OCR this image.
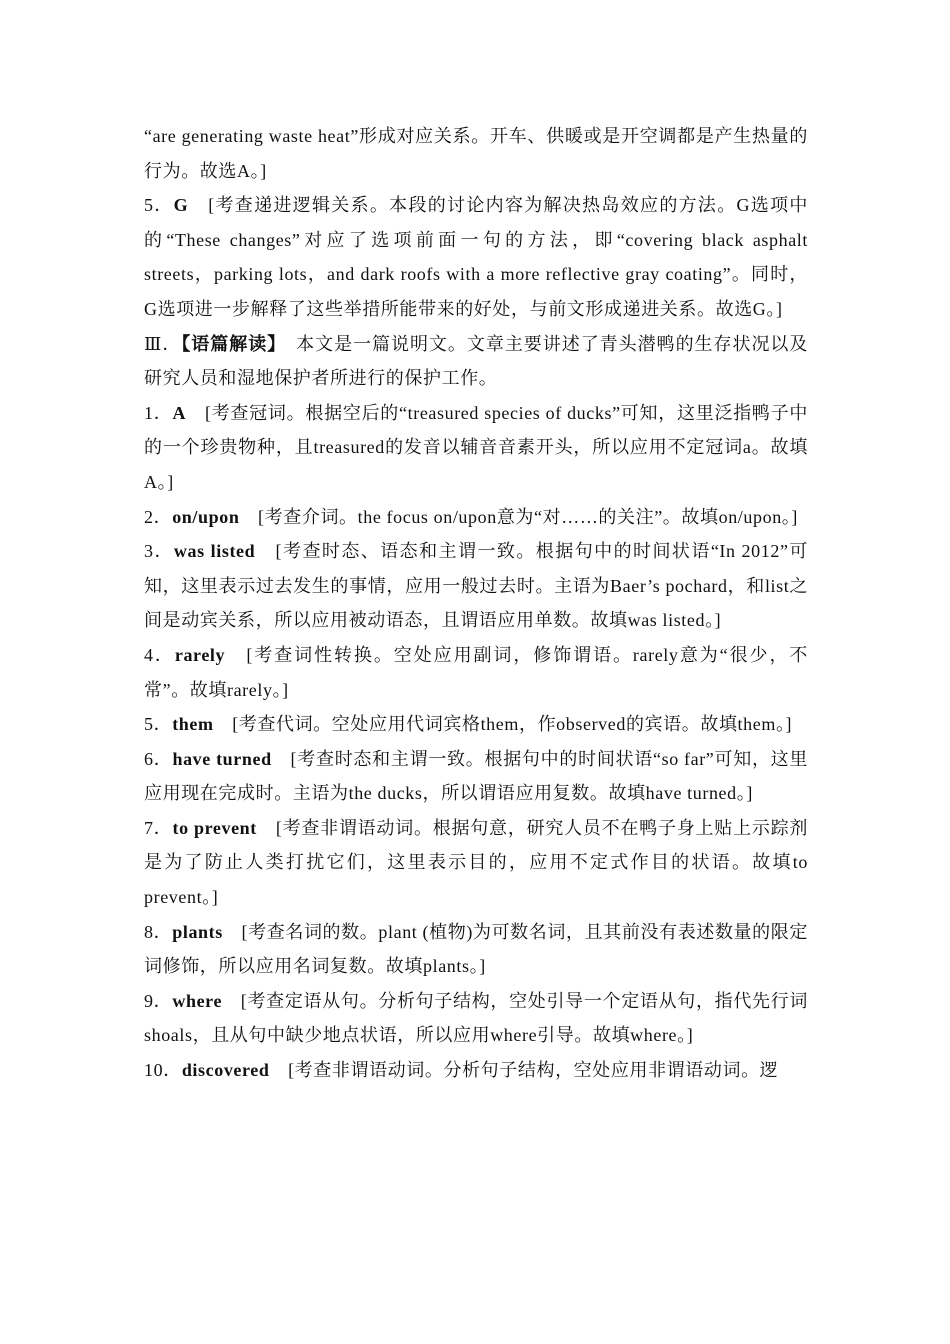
“are generating waste heat”形成对应关系。开车、供暖或是开空调都是产生热量的行为。故选A。]

5．G　[考查递进逻辑关系。本段的讨论内容为解决热岛效应的方法。G选项中的“These changes”对应了选项前面一句的方法，即“covering black asphalt streets，parking lots，and dark roofs with a more reflective gray coating”。同时，G选项进一步解释了这些举措所能带来的好处，与前文形成递进关系。故选G。]

Ⅲ．【语篇解读】　本文是一篇说明文。文章主要讲述了青头潜鸭的生存状况以及研究人员和湿地保护者所进行的保护工作。

1．A　[考查冠词。根据空后的“treasured species of ducks”可知，这里泛指鸭子中的一个珍贵物种，且treasured的发音以辅音音素开头，所以应用不定冠词a。故填A。]

2．on/upon　[考查介词。the focus on/upon意为“对……的关注”。故填on/upon。]

3．was listed　[考查时态、语态和主谓一致。根据句中的时间状语“In 2012”可知，这里表示过去发生的事情，应用一般过去时。主语为Baer’s pochard，和list之间是动宾关系，所以应用被动语态，且谓语应用单数。故填was listed。]

4．rarely　[考查词性转换。空处应用副词，修饰谓语。rarely意为“很少，不常”。故填rarely。]

5．them　[考查代词。空处应用代词宾格them，作observed的宾语。故填them。]

6．have turned　[考查时态和主谓一致。根据句中的时间状语“so far”可知，这里应用现在完成时。主语为the ducks，所以谓语应用复数。故填have turned。]

7．to prevent　[考查非谓语动词。根据句意，研究人员不在鸭子身上贴上示踪剂是为了防止人类打扰它们，这里表示目的，应用不定式作目的状语。故填to prevent。]

8．plants　[考查名词的数。plant (植物)为可数名词，且其前没有表述数量的限定词修饰，所以应用名词复数。故填plants。]

9．where　[考查定语从句。分析句子结构，空处引导一个定语从句，指代先行词shoals，且从句中缺少地点状语，所以应用where引导。故填where。]

10．discovered　[考查非谓语动词。分析句子结构，空处应用非谓语动词。逻
